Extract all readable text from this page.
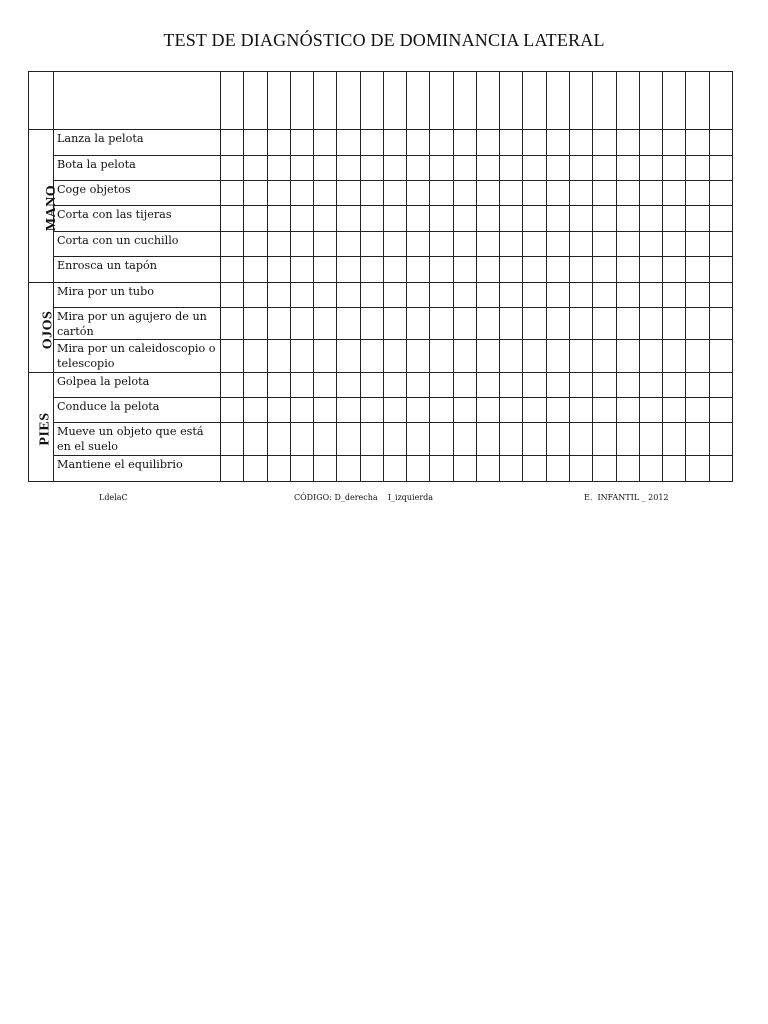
TEST DE DIAGNÓSTICO DE DOMINANCIA LATERAL

MANO	Lanza la pelota																						

	Bota la pelota																						

	Coge objetos																						

	Corta con las tijeras																						

	Corta con un cuchillo																						

	Enrosca un tapón																						

OJOS	Mira por un tubo																						

	Mira por un agujero de un cartón																						

	Mira por un caleidoscopio o telescopio																						

PIES	Golpea la pelota																						

	Conduce la pelota																						

	Mueve un objeto que está en el suelo																						

	Mantiene el equilibrio																						

LdelaC	CÓDIGO: D_derecha    I_izquierda	E.  INFANTIL _ 2012
